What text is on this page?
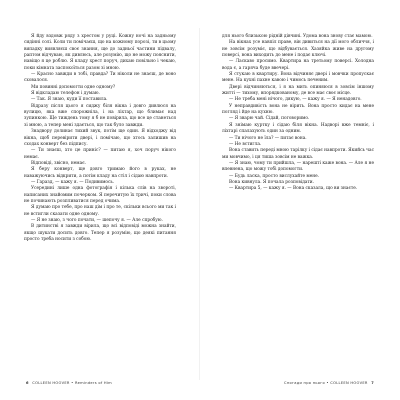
Я йду вздовж ряду з хрестом у руці. Кожну ночі на задньому сидінні солі. Коли ти помічаєш, що на кожному порозі, ти в цьому випадку виявляєш своє знання, ще до задньої частини підвалу, раптом відчуваю, як дивлюсь, але розумію, що не можу пояснити, навіщо я це роблю. Я кладу хрест поруч, дихаю повільно і чекаю, поки кімната заспокоїться разом зі мною.

— Красно завжди в тобі, правда? Ти ніколи не знаєш, де воно сховалося.

Ми повинні допомогти одне одному?

Я відкладаю телефон і думаю.

— Так. Я знаю, куди її поставила.

Відразу після цього я сиджу біля вікна і довго дивлюся на вулицю, яка вже спорожніла, і на ліхтар, що блимає над зупинкою. Ще тиждень тому я б не повірила, що все це станеться зі мною, а тепер мені здається, що так було завжди.

Знадвору долинає тихий звук, потім ще один. Я відходжу від вікна, щоб перевірити двері, і помічаю, що хтось залишив на сходах конверт без підпису.

— Ти знаєш, хто це приніс? — питаю я, хоч поруч нікого немає.

Відповіді, звісно, немає.

Я беру конверт, ще довго тримаю його в руках, не наважуючись відкрити, а потім кладу на стіл і сідаю навпроти.

— Гаразд, — кажу я. — Подивимось.

Усередині лише одна фотографія і кілька слів на звороті, написаних знайомим почерком. Я перечитую їх тричі, поки слова не починають розпливатися перед очима.

Я думаю про тебе, про наш дім і про те, скільки всього ми так і не встигли сказати одне одному.

— Я не знаю, з чого почати, — шепочу я. — Але спробую.

В дитинстві я завжди вірила, що всі відповіді можна знайти, якщо шукати досить довго. Тепер я розумію, що деякі питання просто треба носити з собою.

для нього близькою рідній дівчині. Удома вона знову стає мамою.

На вікнах усе навпіл праве, він дивиться на дії мого обличчя, і не зовсім розуміє, що відбувається. Хазяйка живе на другому поверсі, вона виходить до мене і подає ключі.

— Ласкаво просимо. Квартира на третьому поверсі. Холодна вода є, а гаряча буде ввечері.

Я стукаю в квартиру. Вона відчиняє двері і мовчки пропускає мене. На кухні пахне кавою і чимось печеним.

Двері відчиняються, і я на мить опиняюся в зовсім іншому житті — тихому, впорядкованому, де все має своє місце.

— Не треба мені нічого, дякую, — кажу я. — Я ненадовго.

У неправдивість вона не вірить. Вона просто кидає на мене погляд і йде на кухню.

— Я зварю чай. Сідай, поговоримо.

Я знімаю куртку і сідаю біля вікна. Надворі вже темніє, і ліхтарі спалахують один за одним.

— Ти нічого не їла? — питає вона.

— Не встигла.

Вона ставить переді мною тарілку і сідає навпроти. Якийсь час ми мовчимо, і ця тиша зовсім не важка.

— Я знаю, чому ти прийшла, — нарешті каже вона. — Але я не впевнена, що можу тобі допомогти.

— Будь ласка, просто вислухайте мене.

Вона кивнула. Я почала розповідати.

— Квартира 5, — кажу я. — Вона сказала, що ви знаєте.

6 COLLEEN HOOVER • Reminders of Him	Спогади про нього • COLLEEN HOOVER 7
